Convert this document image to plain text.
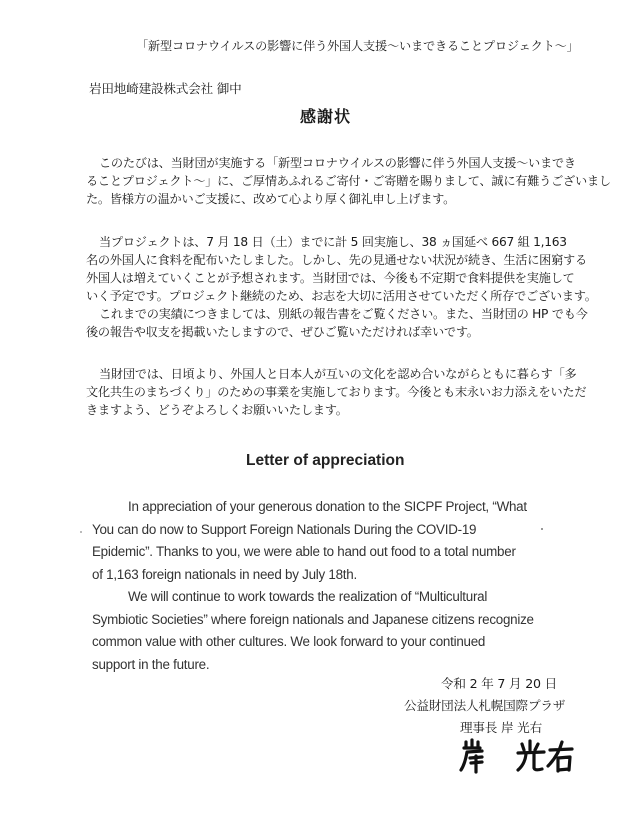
「新型コロナウイルスの影響に伴う外国人支援～いまできることプロジェクト～」
岩田地崎建設株式会社 御中
感謝状
このたびは、当財団が実施する「新型コロナウイルスの影響に伴う外国人支援～いまでき
ることプロジェクト～」に、ご厚情あふれるご寄付・ご寄贈を賜りまして、誠に有難うございまし
た。皆様方の温かいご支援に、改めて心より厚く御礼申し上げます。
当プロジェクトは、7 月 18 日（土）までに計 5 回実施し、38 ヵ国延べ 667 組 1,163
名の外国人に食料を配布いたしました。しかし、先の見通せない状況が続き、生活に困窮する
外国人は増えていくことが予想されます。当財団では、今後も不定期で食料提供を実施して
いく予定です。プロジェクト継続のため、お志を大切に活用させていただく所存でございます。
これまでの実績につきましては、別紙の報告書をご覧ください。また、当財団の HP でも今
後の報告や収支を掲載いたしますので、ぜひご覧いただければ幸いです。
当財団では、日頃より、外国人と日本人が互いの文化を認め合いながらともに暮らす「多
文化共生のまちづくり」のための事業を実施しております。今後とも末永いお力添えをいただ
きますよう、どうぞよろしくお願いいたします。
Letter of appreciation
In appreciation of your generous donation to the SICPF Project, “What
You can do now to Support Foreign Nationals During the COVID-19
Epidemic”. Thanks to you, we were able to hand out food to a total number
of 1,163 foreign nationals in need by July 18th.
We will continue to work towards the realization of “Multicultural
Symbiotic Societies” where foreign nationals and Japanese citizens recognize
common value with other cultures. We look forward to your continued
support in the future.
令和 2 年 7 月 20 日
公益財団法人札幌国際プラザ
理事長 岸 光右
